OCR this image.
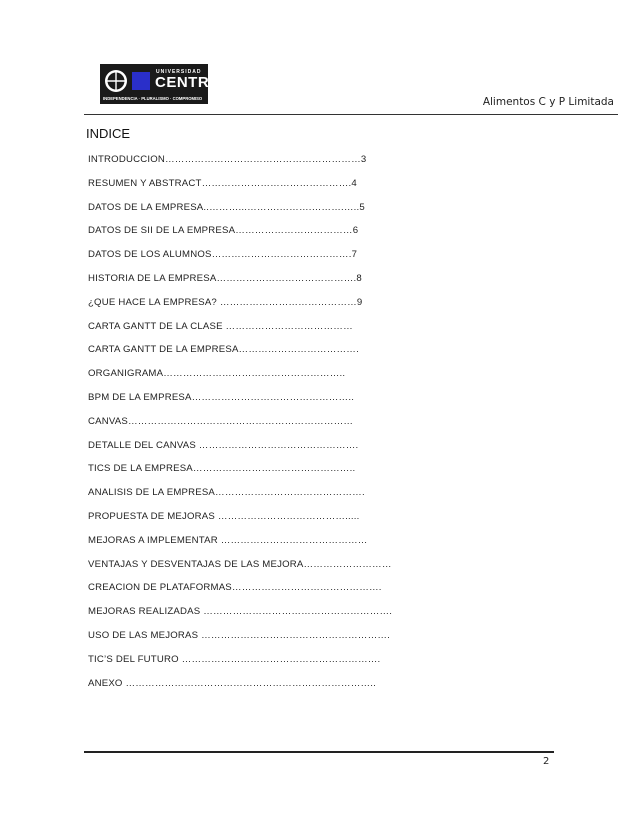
UNIVERSIDAD
CENTRAL
INDEPENDENCIA · PLURALISMO · COMPROMISO	Alimentos C y P Limitada
INDICE
INTRODUCCION……………………………………………………3
RESUMEN Y ABSTRACT……………………………………….4
DATOS DE LA EMPRESA..………...……….……….……….…..5
DATOS DE SII DE LA EMPRESA………………………………6
DATOS DE LOS ALUMNOS…………………………………….7
HISTORIA DE LA EMPRESA…………………………………….8
¿QUE HACE LA EMPRESA? ……………………………………9
CARTA GANTT DE LA CLASE …………………………………
CARTA GANTT DE LA EMPRESA……………………………….
ORGANIGRAMA………………………………………………..
BPM DE LA EMPRESA…………………………………………..
CANVAS……………………………………………………………
DETALLE DEL CANVAS ………………………………………….
TICS DE LA EMPRESA…………………………………………..
ANALISIS DE LA EMPRESA……………………………………….
PROPUESTA DE MEJORAS ………………………………….....
MEJORAS A IMPLEMENTAR ………………………………………
VENTAJAS Y DESVENTAJAS DE LAS MEJORA………………………
CREACION DE PLATAFORMAS……………………………………….
MEJORAS REALIZADAS ………………………………………………….
USO DE LAS MEJORAS ………………………………………………….
TIC’S DEL FUTURO …………………………………………………….
ANEXO …………………………………………………………………..
2
